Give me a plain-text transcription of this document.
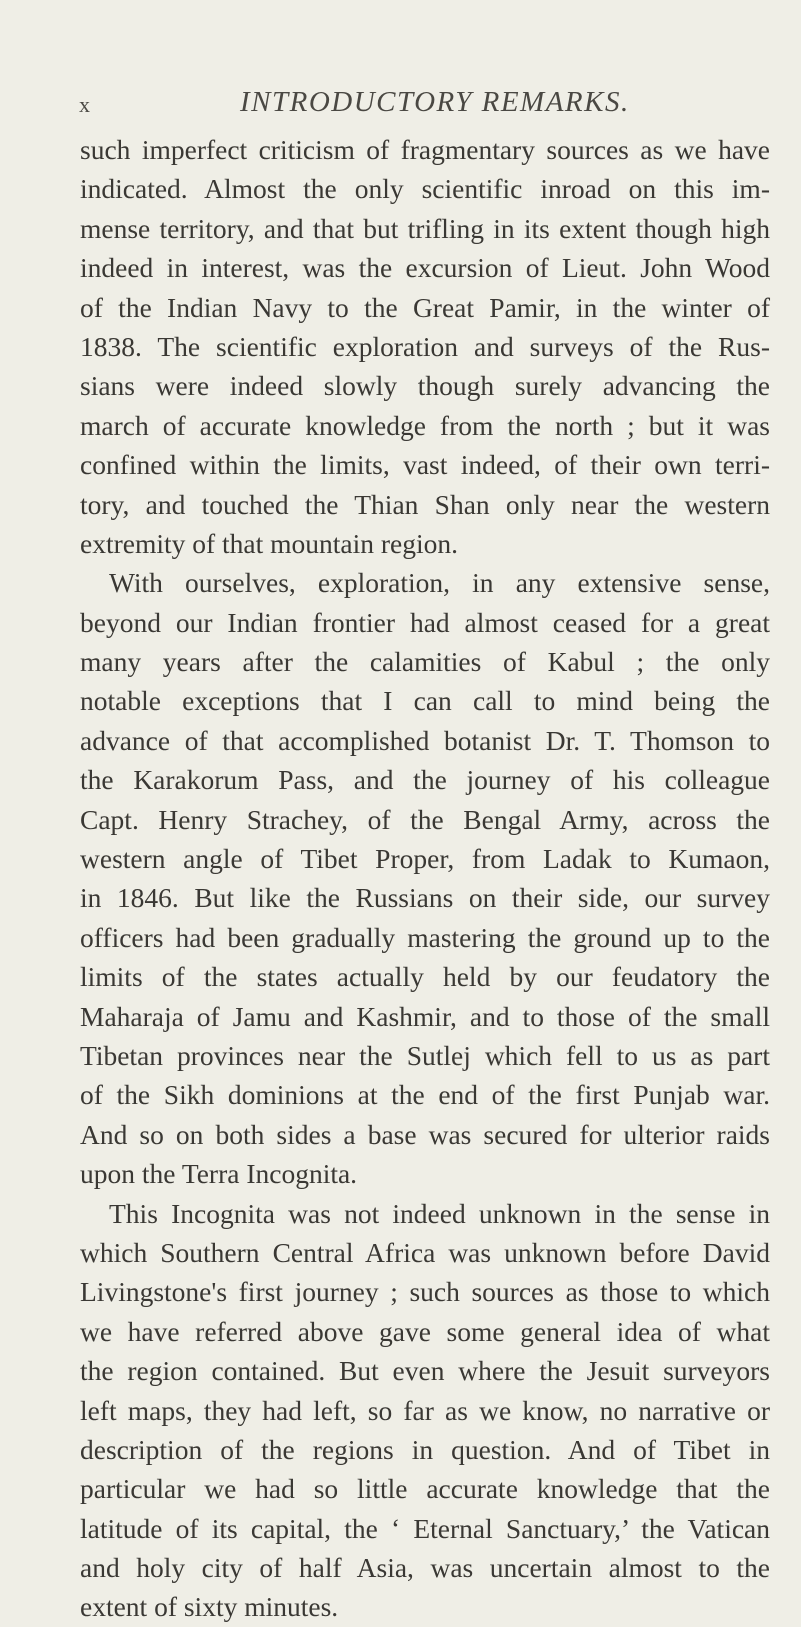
x	INTRODUCTORY REMARKS.
such imperfect criticism of fragmentary sources as we have
indicated. Almost the only scientific inroad on this im-
mense territory, and that but trifling in its extent though high
indeed in interest, was the excursion of Lieut. John Wood
of the Indian Navy to the Great Pamir, in the winter of
1838. The scientific exploration and surveys of the Rus-
sians were indeed slowly though surely advancing the
march of accurate knowledge from the north ; but it was
confined within the limits, vast indeed, of their own terri-
tory, and touched the Thian Shan only near the western
extremity of that mountain region.
With ourselves, exploration, in any extensive sense,
beyond our Indian frontier had almost ceased for a great
many years after the calamities of Kabul ; the only
notable exceptions that I can call to mind being the
advance of that accomplished botanist Dr. T. Thomson to
the Karakorum Pass, and the journey of his colleague
Capt. Henry Strachey, of the Bengal Army, across the
western angle of Tibet Proper, from Ladak to Kumaon,
in 1846. But like the Russians on their side, our survey
officers had been gradually mastering the ground up to the
limits of the states actually held by our feudatory the
Maharaja of Jamu and Kashmir, and to those of the small
Tibetan provinces near the Sutlej which fell to us as part
of the Sikh dominions at the end of the first Punjab war.
And so on both sides a base was secured for ulterior raids
upon the Terra Incognita.
This Incognita was not indeed unknown in the sense in
which Southern Central Africa was unknown before David
Livingstone's first journey ; such sources as those to which
we have referred above gave some general idea of what
the region contained. But even where the Jesuit surveyors
left maps, they had left, so far as we know, no narrative or
description of the regions in question. And of Tibet in
particular we had so little accurate knowledge that the
latitude of its capital, the ‘ Eternal Sanctuary,’ the Vatican
and holy city of half Asia, was uncertain almost to the
extent of sixty minutes.
